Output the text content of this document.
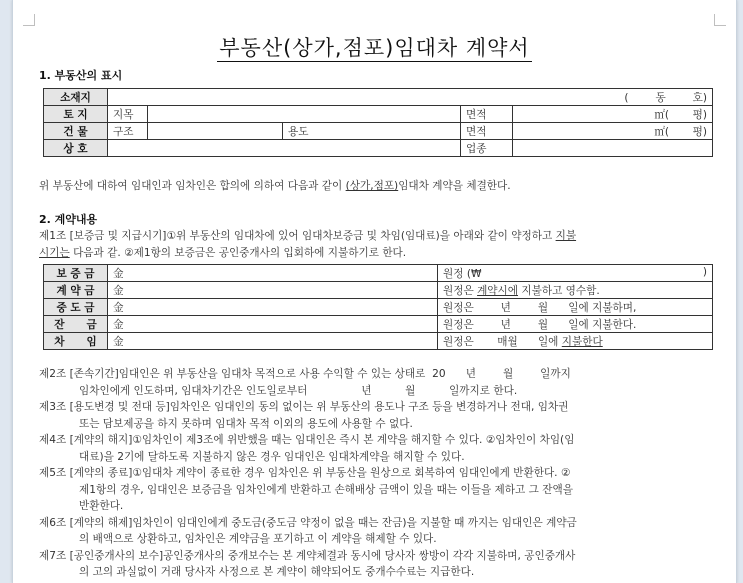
부동산(상가,점포)임대차 계약서
1. 부동산의 표시
소재지	(        동        호)				
토 지	지목			면적	㎡(       평)
건 물	구조		용도	면적	㎡(       평)
상 호				업종	
위 부동산에 대하여 임대인과 임차인은 합의에 의하여 다음과 같이 (상가,점포)임대차 계약을 체결한다.
2. 계약내용
제1조 [보증금 및 지급시기]①위 부동산의 임대차에 있어 임대차보증금 및 차임(임대료)을 아래와 같이 약정하고 지불
시기는 다음과 같. ②제1항의 보증금은 공인중개사의 입회하에 지불하기로 한다.
보 증 금	金	원정 (₩ )

계 약 금	金	원정은 계약시에 지불하고 영수함.
중 도 금	金	원정은        년        월      일에 지불하며,
잔      금	金	원정은        년        월      일에 지불한다.
차      임	金	원정은       매월      일에 지불한다
제2조 [존속기간]임대인은 위 부동산을 임대차 목적으로 사용 수익할 수 있는 상태로  20      년        월        일까지
임차인에게 인도하며, 임대차기간은 인도일로부터                년          월          일까지로 한다.
제3조 [용도변경 및 전대 등]임차인은 임대인의 동의 없이는 위 부동산의 용도나 구조 등을 변경하거나 전대, 임차권
또는 담보제공을 하지 못하며 임대차 목적 이외의 용도에 사용할 수 없다.
제4조 [계약의 해지]①임차인이 제3조에 위반했을 때는 임대인은 즉시 본 계약을 해지할 수 있다. ②임차인이 차임(임
대료)을 2기에 달하도록 지불하지 않은 경우 임대인은 임대차계약을 해지할 수 있다.
제5조 [계약의 종료]①임대차 계약이 종료한 경우 임차인은 위 부동산을 원상으로 회복하여 임대인에게 반환한다. ②
제1항의 경우, 임대인은 보증금을 임차인에게 반환하고 손해배상 금액이 있을 때는 이들을 제하고 그 잔액을
반환한다.
제6조 [계약의 해제]임차인이 임대인에게 중도금(중도금 약정이 없을 때는 잔금)을 지불할 때 까지는 임대인은 계약금
의 배액으로 상환하고, 임차인은 계약금을 포기하고 이 계약을 해제할 수 있다.
제7조 [공인중개사의 보수]공인중개사의 중개보수는 본 계약체결과 동시에 당사자 쌍방이 각각 지불하며, 공인중개사
의 고의 과실없이 거래 당사자 사정으로 본 계약이 해약되어도 중개수수료는 지급한다.
